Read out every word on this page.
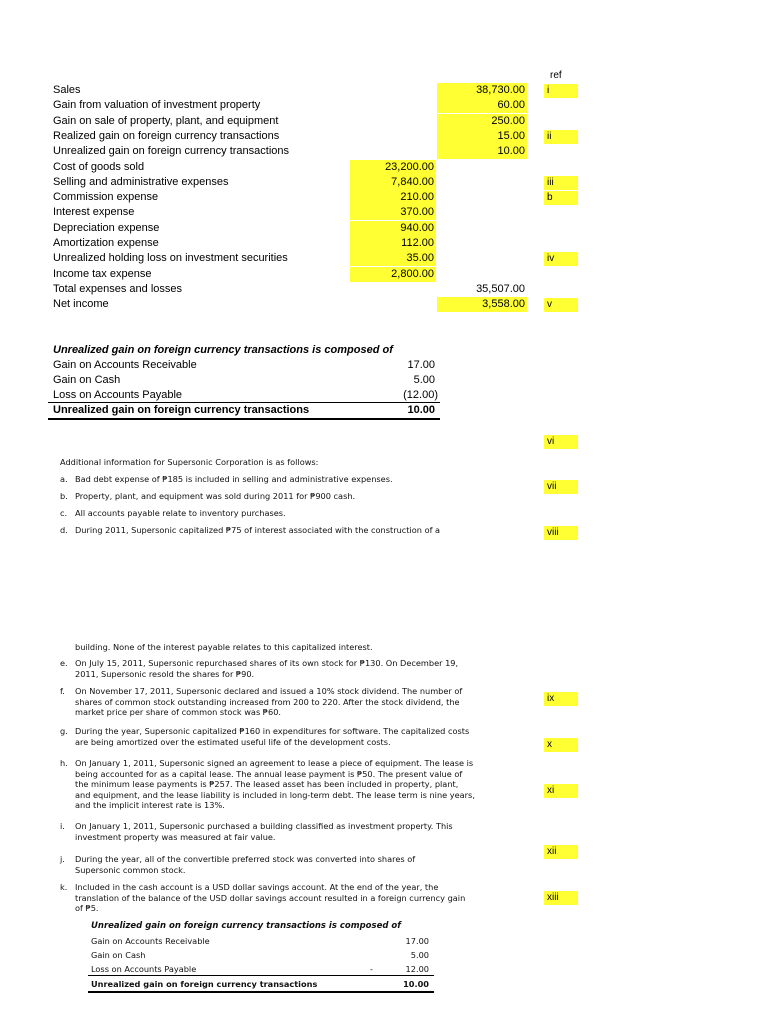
ref
Sales	38,730.00	i
Gain from valuation of investment property	60.00
Gain on sale of property, plant, and equipment	250.00
Realized gain on foreign currency transactions	15.00	ii
Unrealized gain on foreign currency transactions	10.00
Cost of goods sold	23,200.00
Selling and administrative expenses	7,840.00	iii
Commission expense	210.00	b
Interest expense	370.00
Depreciation expense	940.00
Amortization expense	112.00
Unrealized holding loss on investment securities	35.00	iv
Income tax expense	2,800.00
Total expenses and losses	35,507.00
Net income	3,558.00	v
Unrealized gain on foreign currency transactions is composed of
Gain on Accounts Receivable	17.00
Gain on Cash	5.00
Loss on Accounts Payable	(12.00)
Unrealized gain on foreign currency transactions	10.00
vi
vii
viii
ix
x
xi
xii
xiii
Additional information for Supersonic Corporation is as follows:
a. Bad debt expense of ₱185 is included in selling and administrative expenses.
b. Property, plant, and equipment was sold during 2011 for ₱900 cash.
c. All accounts payable relate to inventory purchases.
d. During 2011, Supersonic capitalized ₱75 of interest associated with the construction of a
building. None of the interest payable relates to this capitalized interest.
e. On July 15, 2011, Supersonic repurchased shares of its own stock for ₱130. On December 19, 2011, Supersonic resold the shares for ₱90.
f. On November 17, 2011, Supersonic declared and issued a 10% stock dividend. The number of shares of common stock outstanding increased from 200 to 220. After the stock dividend, the market price per share of common stock was ₱60.
g. During the year, Supersonic capitalized ₱160 in expenditures for software. The capitalized costs are being amortized over the estimated useful life of the development costs.
h. On January 1, 2011, Supersonic signed an agreement to lease a piece of equipment. The lease is being accounted for as a capital lease. The annual lease payment is ₱50. The present value of the minimum lease payments is ₱257. The leased asset has been included in property, plant, and equipment, and the lease liability is included in long-term debt. The lease term is nine years, and the implicit interest rate is 13%.
i. On January 1, 2011, Supersonic purchased a building classified as investment property. This investment property was measured at fair value.
j. During the year, all of the convertible preferred stock was converted into shares of Supersonic common stock.
k. Included in the cash account is a USD dollar savings account. At the end of the year, the translation of the balance of the USD dollar savings account resulted in a foreign currency gain of ₱5.
Unrealized gain on foreign currency transactions is composed of
Gain on Accounts Receivable	17.00
Gain on Cash	5.00
Loss on Accounts Payable	-	12.00
Unrealized gain on foreign currency transactions	10.00
